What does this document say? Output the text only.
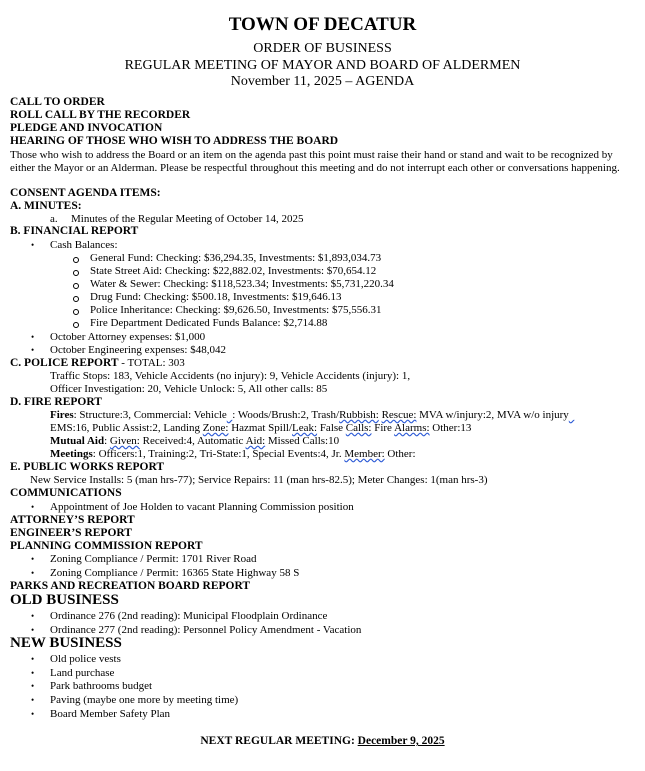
TOWN OF DECATUR
ORDER OF BUSINESS
REGULAR MEETING OF MAYOR AND BOARD OF ALDERMEN
November 11, 2025 – AGENDA
CALL TO ORDER
ROLL CALL BY THE RECORDER
PLEDGE AND INVOCATION
HEARING OF THOSE WHO WISH TO ADDRESS THE BOARD
Those who wish to address the Board or an item on the agenda past this point must raise their hand or stand and wait to be recognized by either the Mayor or an Alderman. Please be respectful throughout this meeting and do not interrupt each other or conversations happening.
CONSENT AGENDA ITEMS:
A. MINUTES:
a. Minutes of the Regular Meeting of October 14, 2025
B. FINANCIAL REPORT
• Cash Balances:
General Fund: Checking: $36,294.35, Investments: $1,893,034.73
State Street Aid: Checking: $22,882.02, Investments: $70,654.12
Water & Sewer: Checking: $118,523.34; Investments: $5,731,220.34
Drug Fund: Checking: $500.18, Investments: $19,646.13
Police Inheritance: Checking: $9,626.50, Investments: $75,556.31
Fire Department Dedicated Funds Balance: $2,714.88
• October Attorney expenses: $1,000
• October Engineering expenses: $48,042
C. POLICE REPORT - TOTAL: 303
Traffic Stops: 183, Vehicle Accidents (no injury): 9, Vehicle Accidents (injury): 1,
Officer Investigation: 20, Vehicle Unlock: 5, All other calls: 85
D. FIRE REPORT
Fires: Structure:3, Commercial: Vehicle : Woods/Brush:2, Trash/Rubbish: Rescue: MVA w/injury:2, MVA w/o injury
EMS:16, Public Assist:2, Landing Zone: Hazmat Spill/Leak: False Calls: Fire Alarms: Other:13
Mutual Aid: Given: Received:4, Automatic Aid: Missed Calls:10
Meetings: Officers:1, Training:2, Tri-State:1, Special Events:4, Jr. Member: Other:
E. PUBLIC WORKS REPORT
New Service Installs: 5 (man hrs-77); Service Repairs: 11 (man hrs-82.5); Meter Changes: 1(man hrs-3)
COMMUNICATIONS
• Appointment of Joe Holden to vacant Planning Commission position
ATTORNEY’S REPORT
ENGINEER’S REPORT
PLANNING COMMISSION REPORT
• Zoning Compliance / Permit: 1701 River Road
• Zoning Compliance / Permit: 16365 State Highway 58 S
PARKS AND RECREATION BOARD REPORT
OLD BUSINESS
• Ordinance 276 (2nd reading): Municipal Floodplain Ordinance
• Ordinance 277 (2nd reading): Personnel Policy Amendment - Vacation
NEW BUSINESS
• Old police vests
• Land purchase
• Park bathrooms budget
• Paving (maybe one more by meeting time)
• Board Member Safety Plan
NEXT REGULAR MEETING: December 9, 2025
